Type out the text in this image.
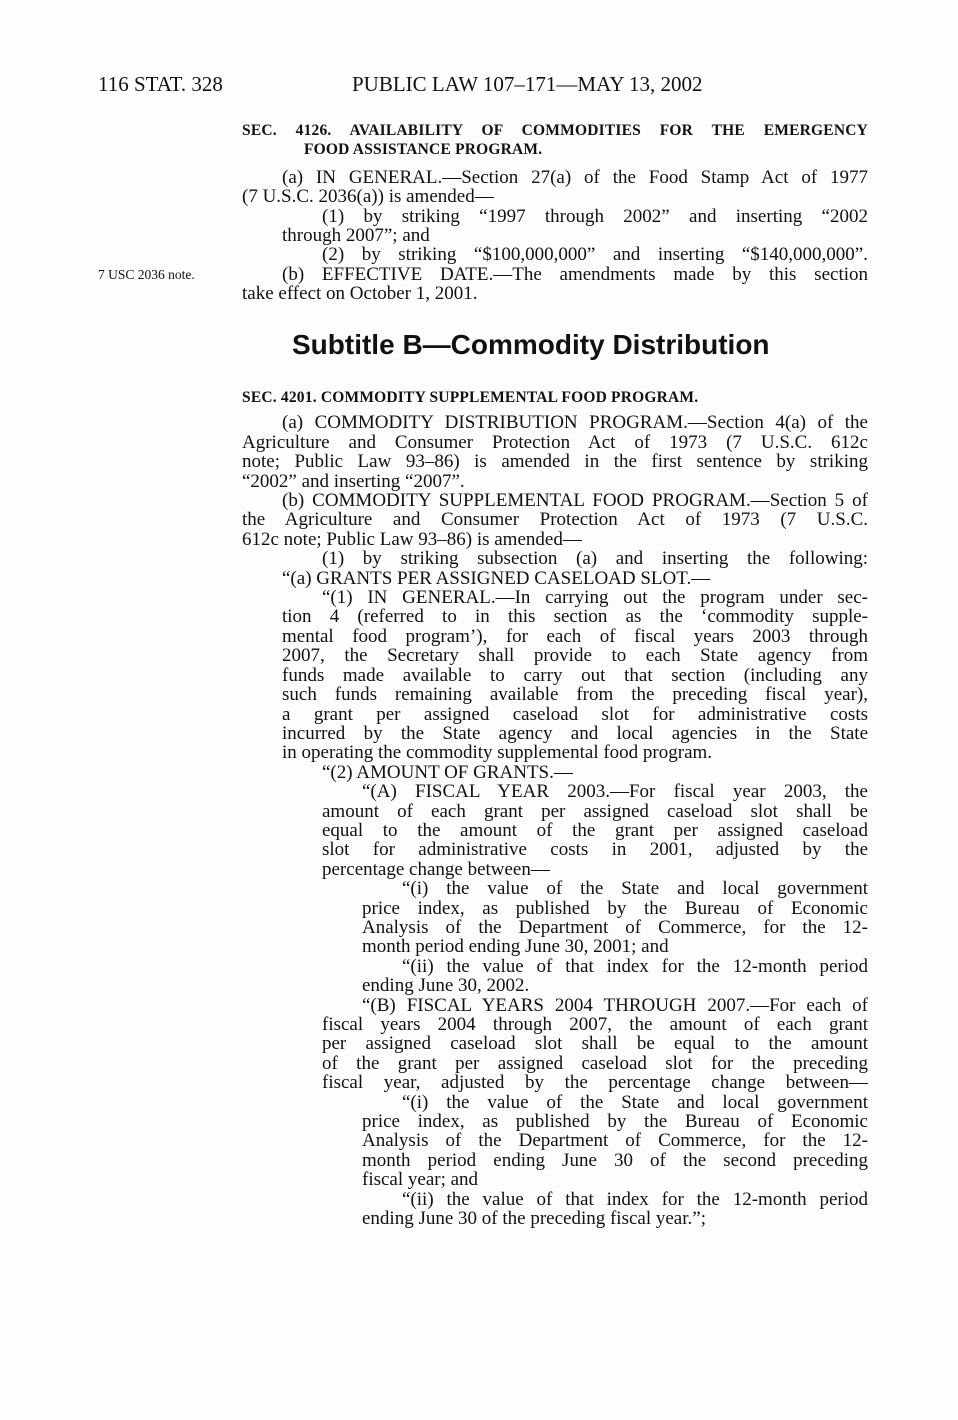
116 STAT. 328	PUBLIC LAW 107–171—MAY 13, 2002
SEC. 4126. AVAILABILITY OF COMMODITIES FOR THE EMERGENCY
FOOD ASSISTANCE PROGRAM.
(a) IN GENERAL.—Section 27(a) of the Food Stamp Act of 1977
(7 U.S.C. 2036(a)) is amended—
(1) by striking “1997 through 2002” and inserting “2002
through 2007”; and
(2) by striking “$100,000,000” and inserting “$140,000,000”.
(b) EFFECTIVE DATE.—The amendments made by this section
take effect on October 1, 2001.
7 USC 2036 note.
Subtitle B—Commodity Distribution
SEC. 4201. COMMODITY SUPPLEMENTAL FOOD PROGRAM.
(a) COMMODITY DISTRIBUTION PROGRAM.—Section 4(a) of the
Agriculture and Consumer Protection Act of 1973 (7 U.S.C. 612c
note; Public Law 93–86) is amended in the first sentence by striking
“2002” and inserting “2007”.
(b) COMMODITY SUPPLEMENTAL FOOD PROGRAM.—Section 5 of
the Agriculture and Consumer Protection Act of 1973 (7 U.S.C.
612c note; Public Law 93–86) is amended—
(1) by striking subsection (a) and inserting the following:
“(a) GRANTS PER ASSIGNED CASELOAD SLOT.—
“(1) IN GENERAL.—In carrying out the program under sec-
tion 4 (referred to in this section as the ‘commodity supple-
mental food program’), for each of fiscal years 2003 through
2007, the Secretary shall provide to each State agency from
funds made available to carry out that section (including any
such funds remaining available from the preceding fiscal year),
a grant per assigned caseload slot for administrative costs
incurred by the State agency and local agencies in the State
in operating the commodity supplemental food program.
“(2) AMOUNT OF GRANTS.—
“(A) FISCAL YEAR 2003.—For fiscal year 2003, the
amount of each grant per assigned caseload slot shall be
equal to the amount of the grant per assigned caseload
slot for administrative costs in 2001, adjusted by the
percentage change between—
“(i) the value of the State and local government
price index, as published by the Bureau of Economic
Analysis of the Department of Commerce, for the 12-
month period ending June 30, 2001; and
“(ii) the value of that index for the 12-month period
ending June 30, 2002.
“(B) FISCAL YEARS 2004 THROUGH 2007.—For each of
fiscal years 2004 through 2007, the amount of each grant
per assigned caseload slot shall be equal to the amount
of the grant per assigned caseload slot for the preceding
fiscal year, adjusted by the percentage change between—
“(i) the value of the State and local government
price index, as published by the Bureau of Economic
Analysis of the Department of Commerce, for the 12-
month period ending June 30 of the second preceding
fiscal year; and
“(ii) the value of that index for the 12-month period
ending June 30 of the preceding fiscal year.”;
